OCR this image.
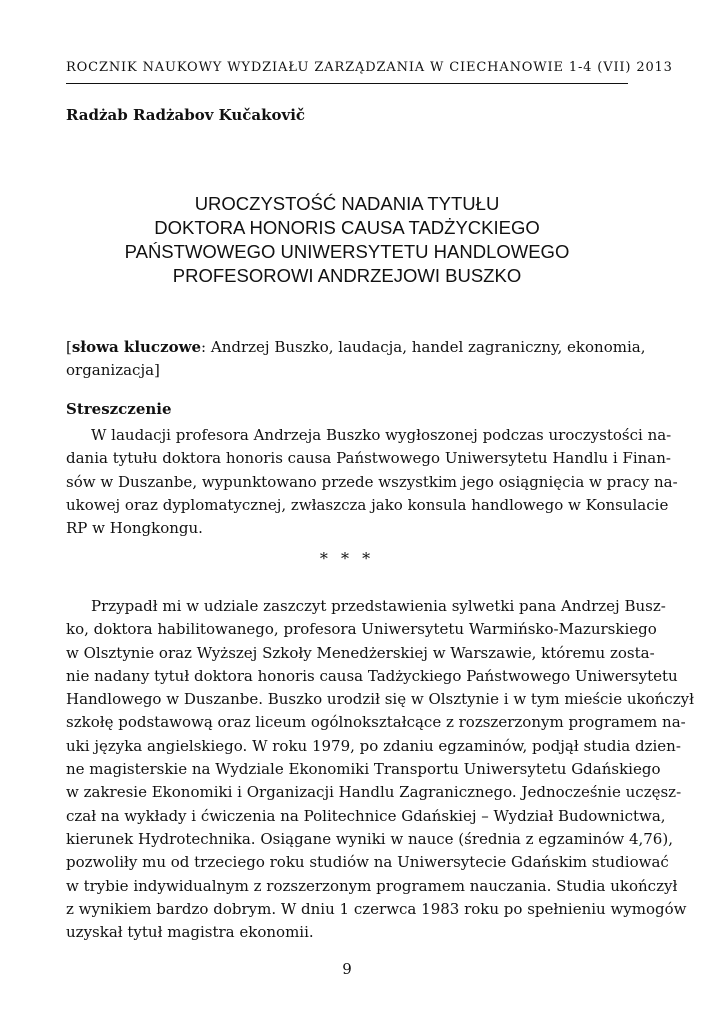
ROCZNIK NAUKOWY WYDZIAŁU ZARZĄDZANIA W CIECHANOWIE 1-4 (VII) 2013
Radżab Radżabov Kučakovič
UROCZYSTOŚĆ NADANIA TYTUŁU
DOKTORA HONORIS CAUSA TADŻYCKIEGO
PAŃSTWOWEGO UNIWERSYTETU HANDLOWEGO
PROFESOROWI ANDRZEJOWI BUSZKO
[słowa kluczowe: Andrzej Buszko, laudacja, handel zagraniczny, ekonomia,
organizacja]
Streszczenie
W laudacji profesora Andrzeja Buszko wygłoszonej podczas uroczystości na-
dania tytułu doktora honoris causa Państwowego Uniwersytetu Handlu i Finan-
sów w Duszanbe, wypunktowano przede wszystkim jego osiągnięcia w pracy na-
ukowej oraz dyplomatycznej, zwłaszcza jako konsula handlowego w Konsulacie
RP w Hongkongu.
* * *
Przypadł mi w udziale zaszczyt przedstawienia sylwetki pana Andrzej Busz-
ko, doktora habilitowanego, profesora Uniwersytetu Warmińsko-Mazurskiego
w Olsztynie oraz Wyższej Szkoły Menedżerskiej w Warszawie, któremu zosta-
nie nadany tytuł doktora honoris causa Tadżyckiego Państwowego Uniwersytetu
Handlowego w Duszanbe. Buszko urodził się w Olsztynie i w tym mieście ukończył
szkołę podstawową oraz liceum ogólnokształcące z rozszerzonym programem na-
uki języka angielskiego. W roku 1979, po zdaniu egzaminów, podjął studia dzien-
ne magisterskie na Wydziale Ekonomiki Transportu Uniwersytetu Gdańskiego
w zakresie Ekonomiki i Organizacji Handlu Zagranicznego. Jednocześnie uczęsz-
czał na wykłady i ćwiczenia na Politechnice Gdańskiej – Wydział Budownictwa,
kierunek Hydrotechnika. Osiągane wyniki w nauce (średnia z egzaminów 4,76),
pozwoliły mu od trzeciego roku studiów na Uniwersytecie Gdańskim studiować
w trybie indywidualnym z rozszerzonym programem nauczania. Studia ukończył
z wynikiem bardzo dobrym. W dniu 1 czerwca 1983 roku po spełnieniu wymogów
uzyskał tytuł magistra ekonomii.
9
